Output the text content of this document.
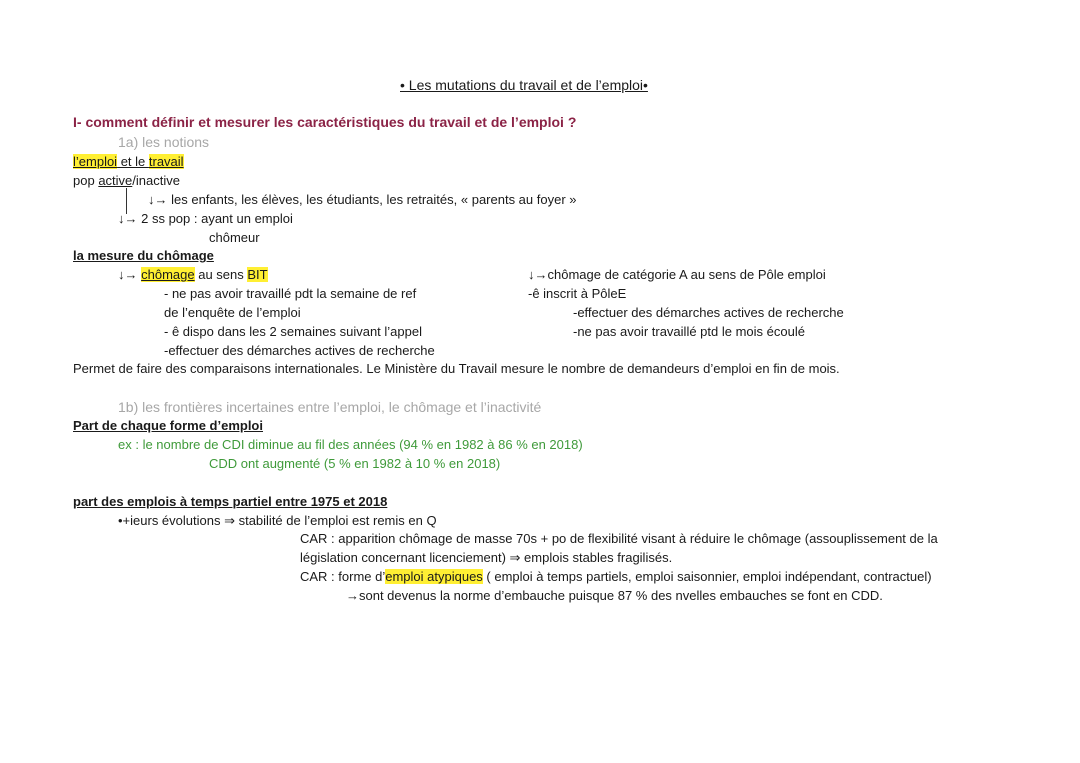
• Les mutations du travail et de l’emploi•
I- comment définir et mesurer les caractéristiques du travail et de l’emploi ?
1a) les notions
l’emploi et le travail
pop active/inactive
↓→ les enfants, les élèves, les étudiants, les retraités, « parents au foyer »
↓→ 2 ss pop : ayant un emploi
chômeur
la mesure du chômage
↓→ chômage au sens BIT
- ne pas avoir travaillé pdt la semaine de ref
de l’enquête de l’emploi
- ê dispo dans les 2 semaines suivant l’appel
-effectuer des démarches actives de recherche
↓→chômage de catégorie A au sens de Pôle emploi
-ê inscrit à PôleE
-effectuer des démarches actives de recherche
-ne pas avoir travaillé ptd le mois écoulé
Permet de faire des comparaisons internationales. Le Ministère du Travail mesure le nombre de demandeurs d’emploi en fin de mois.
1b) les frontières incertaines entre l’emploi, le chômage et l’inactivité
Part de chaque forme d’emploi
ex : le nombre de CDI diminue au fil des années (94 % en 1982 à 86 % en 2018)
CDD ont augmenté (5 % en 1982 à 10 % en 2018)
part des emplois à temps partiel entre 1975 et 2018
•+ieurs évolutions ⇒ stabilité de l’emploi est remis en Q
CAR : apparition chômage de masse 70s + po de flexibilité visant à réduire le chômage (assouplissement de la
législation concernant licenciement) ⇒ emplois stables fragilisés.
CAR : forme d’emploi atypiques ( emploi à temps partiels, emploi saisonnier, emploi indépendant, contractuel)
→sont devenus la norme d’embauche puisque 87 % des nvelles embauches se font en CDD.
